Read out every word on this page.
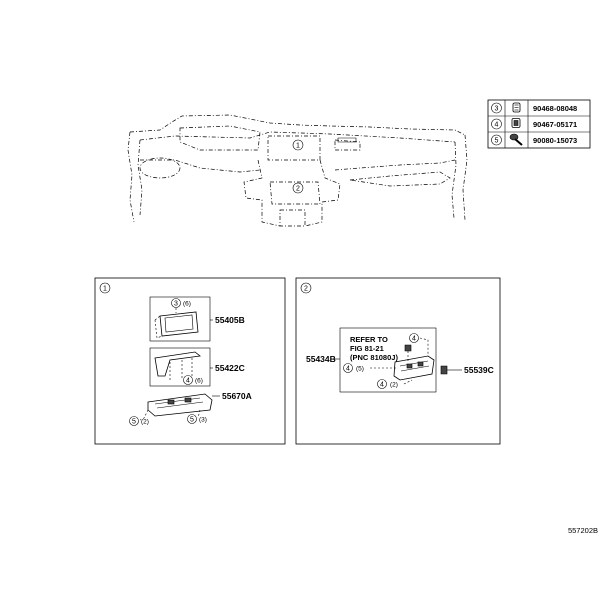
3	90468-08048
4	90467-05171
5	90080-15073
1
2
1
3 (6)
55405B
4 (6)
55422C
55670A
5 (2)	5 (3)
2
REFER TO
FIG 81-21
(PNC 81080J)
55434B
4
4 (5)
4 (2)
55539C
557202B
